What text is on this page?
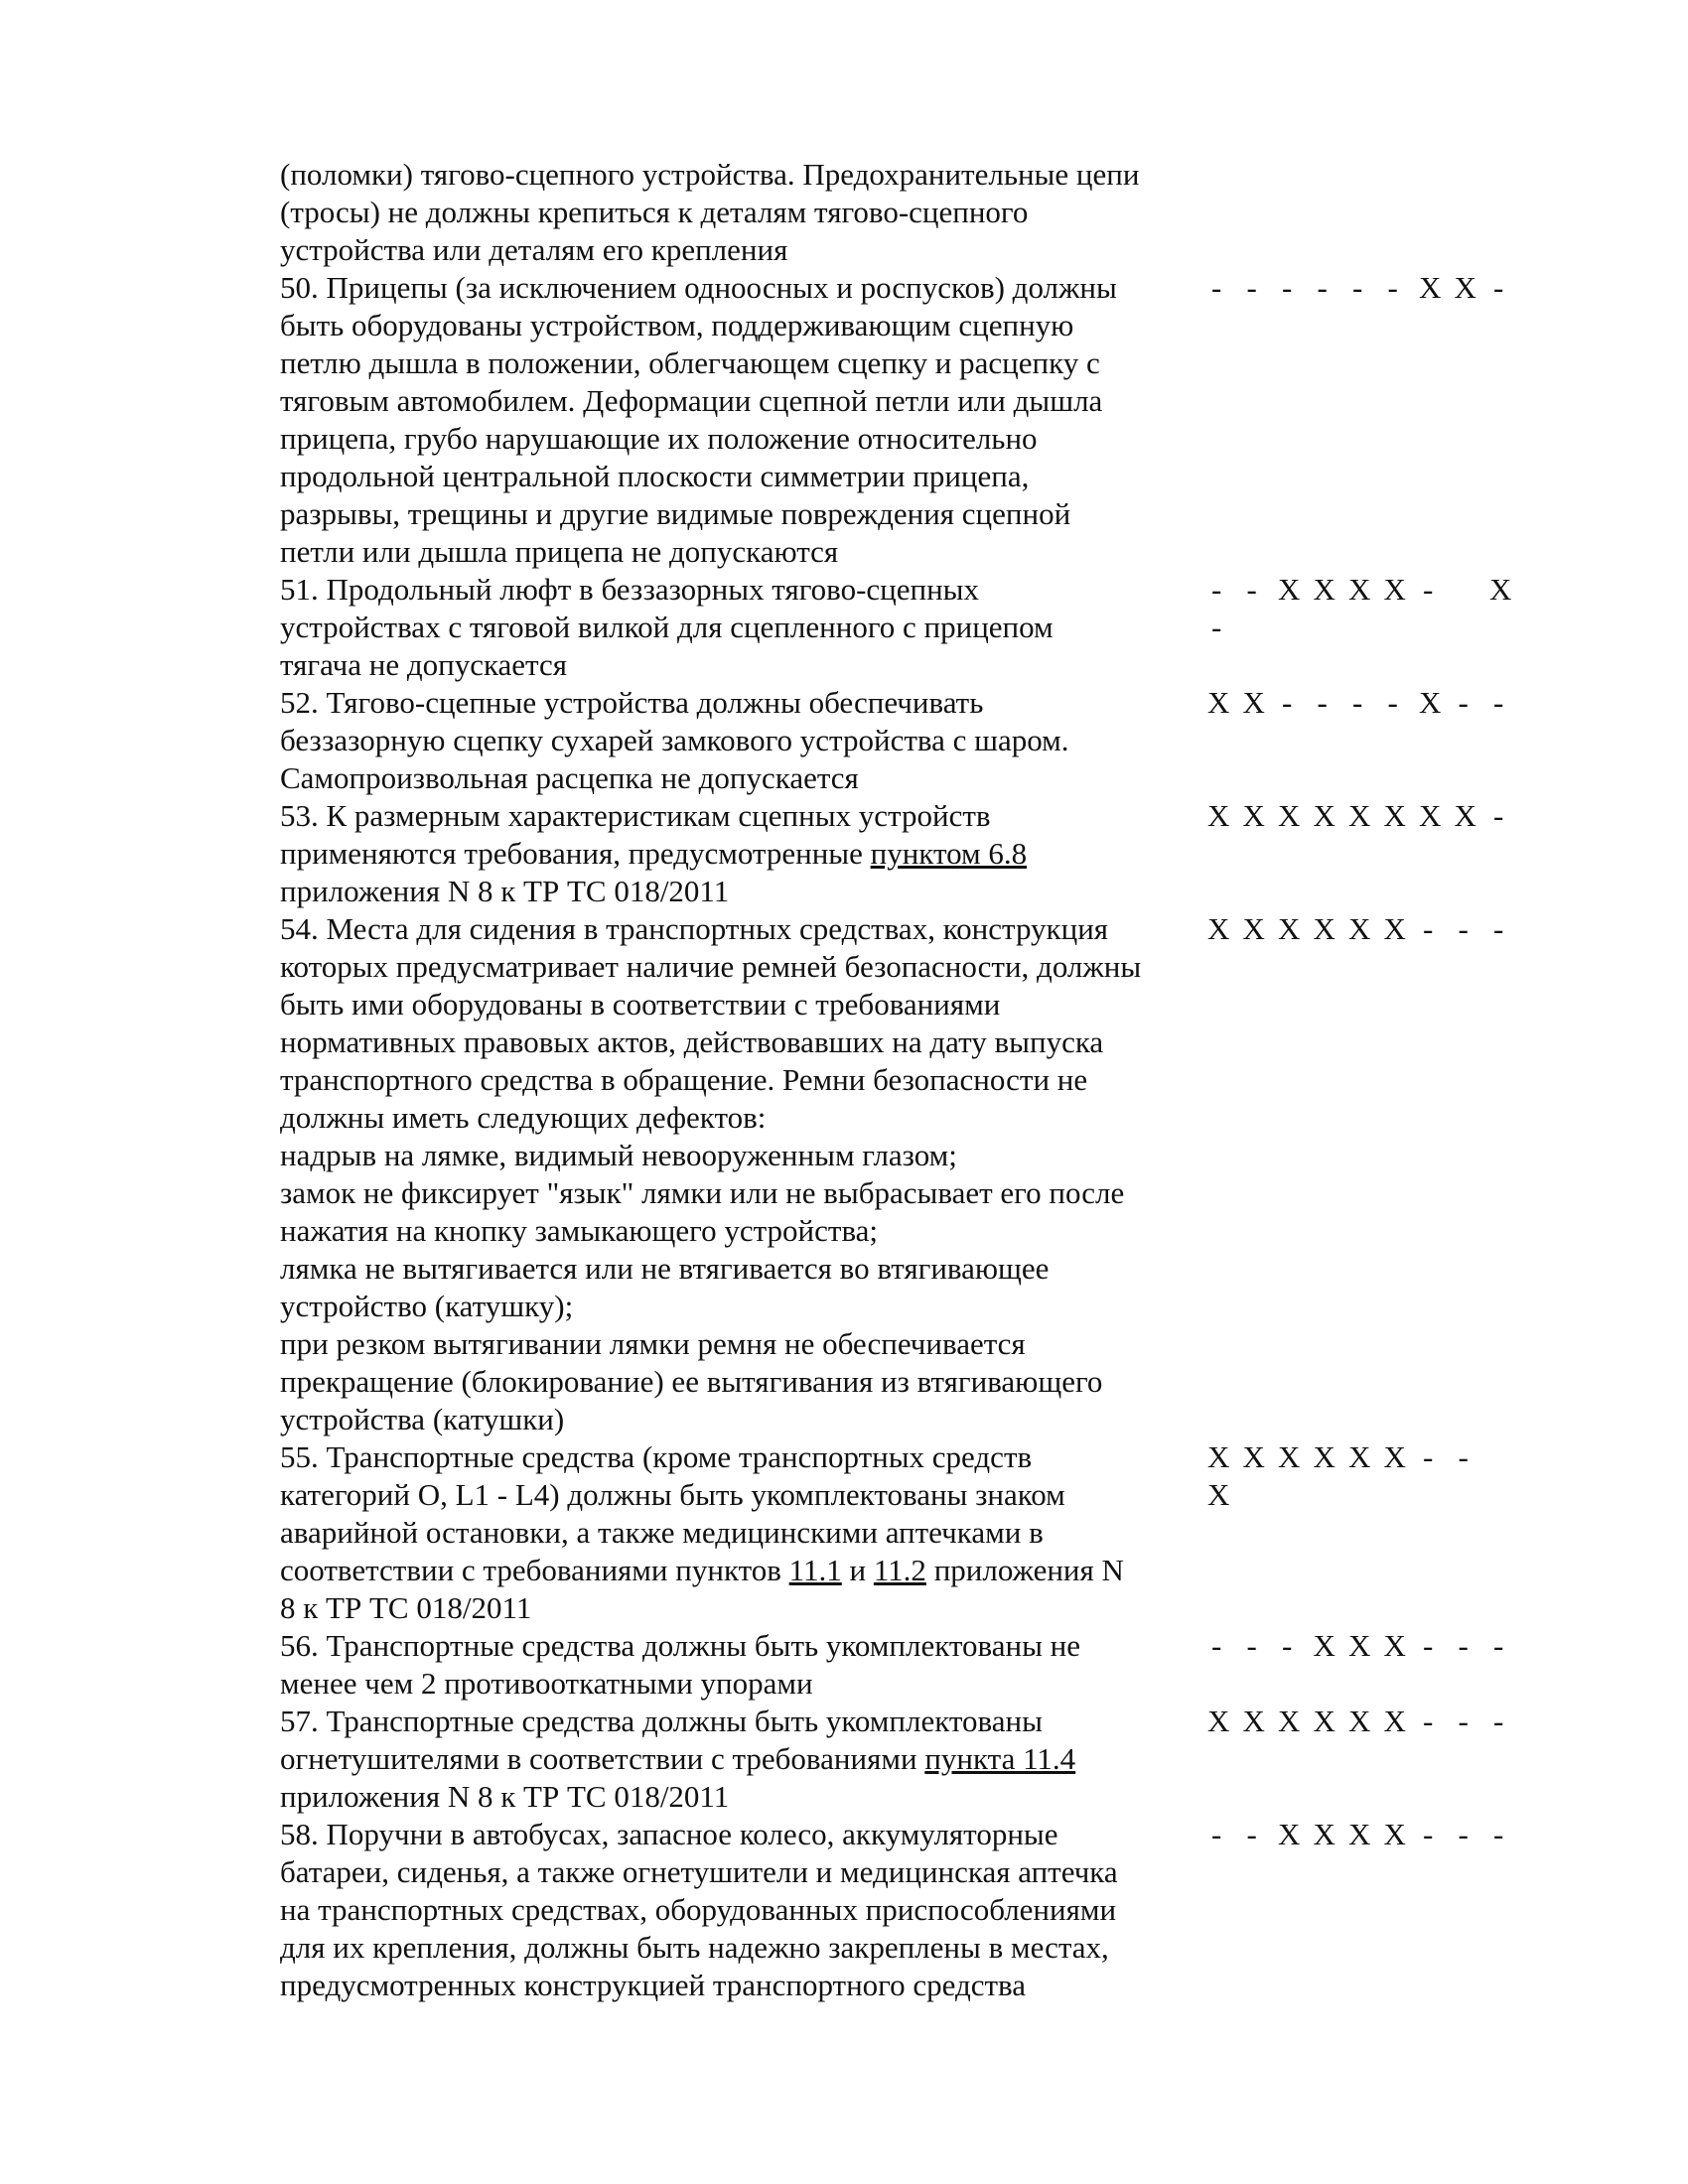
(поломки) тягово-сцепного устройства. Предохранительные цепи
(тросы) не должны крепиться к деталям тягово-сцепного
устройства или деталям его крепления
50. Прицепы (за исключением одноосных и роспусков) должны
быть оборудованы устройством, поддерживающим сцепную
петлю дышла в положении, облегчающем сцепку и расцепку с
тяговым автомобилем. Деформации сцепной петли или дышла
прицепа, грубо нарушающие их положение относительно
продольной центральной плоскости симметрии прицепа,
разрывы, трещины и другие видимые повреждения сцепной
петли или дышла прицепа не допускаются
- - - - - - X X -
51. Продольный люфт в беззазорных тягово-сцепных
устройствах с тяговой вилкой для сцепленного с прицепом
тягача не допускается
- - X X X X -	X
-
52. Тягово-сцепные устройства должны обеспечивать
беззазорную сцепку сухарей замкового устройства с шаром.
Самопроизвольная расцепка не допускается
X X - - - - X - -
53. К размерным характеристикам сцепных устройств
применяются требования, предусмотренные пунктом 6.8
приложения N 8 к ТР ТС 018/2011
X X X X X X X X -
54. Места для сидения в транспортных средствах, конструкция
которых предусматривает наличие ремней безопасности, должны
быть ими оборудованы в соответствии с требованиями
нормативных правовых актов, действовавших на дату выпуска
транспортного средства в обращение. Ремни безопасности не
должны иметь следующих дефектов:
надрыв на лямке, видимый невооруженным глазом;
замок не фиксирует "язык" лямки или не выбрасывает его после
нажатия на кнопку замыкающего устройства;
лямка не вытягивается или не втягивается во втягивающее
устройство (катушку);
при резком вытягивании лямки ремня не обеспечивается
прекращение (блокирование) ее вытягивания из втягивающего
устройства (катушки)
X X X X X X - - -
55. Транспортные средства (кроме транспортных средств
категорий O, L1 - L4) должны быть укомплектованы знаком
аварийной остановки, а также медицинскими аптечками в
соответствии с требованиями пунктов 11.1 и 11.2 приложения N
8 к ТР ТС 018/2011
X X X X X X - -
X
56. Транспортные средства должны быть укомплектованы не
менее чем 2 противооткатными упорами
- - - X X X - - -
57. Транспортные средства должны быть укомплектованы
огнетушителями в соответствии с требованиями пункта 11.4
приложения N 8 к ТР ТС 018/2011
X X X X X X - - -
58. Поручни в автобусах, запасное колесо, аккумуляторные
батареи, сиденья, а также огнетушители и медицинская аптечка
на транспортных средствах, оборудованных приспособлениями
для их крепления, должны быть надежно закреплены в местах,
предусмотренных конструкцией транспортного средства
- - X X X X - - -
